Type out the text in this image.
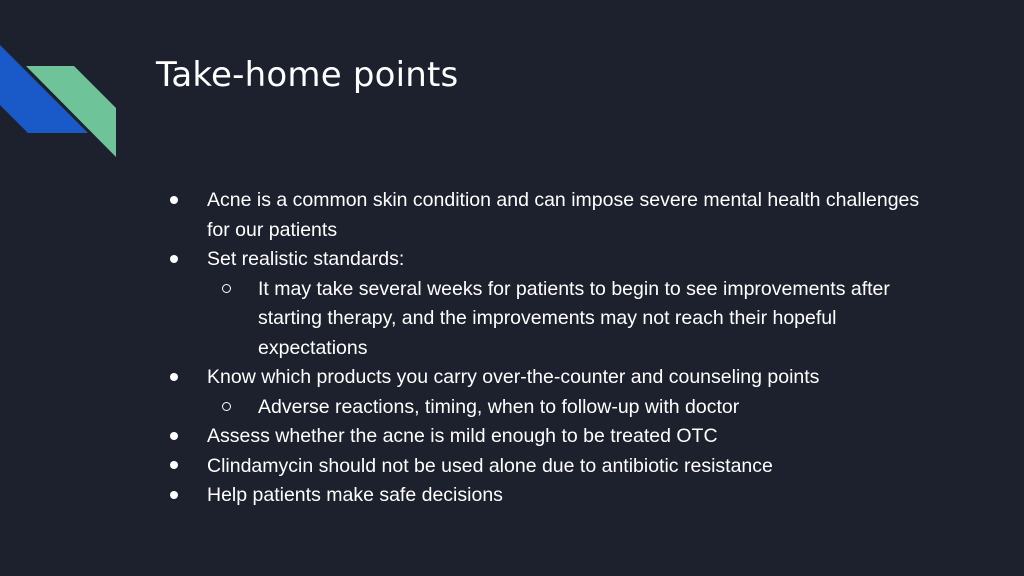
Take-home points
Acne is a common skin condition and can impose severe mental health challenges for our patients
Set realistic standards:
It may take several weeks for patients to begin to see improvements after starting therapy, and the improvements may not reach their hopeful expectations
Know which products you carry over-the-counter and counseling points
Adverse reactions, timing, when to follow-up with doctor
Assess whether the acne is mild enough to be treated OTC
Clindamycin should not be used alone due to antibiotic resistance
Help patients make safe decisions
